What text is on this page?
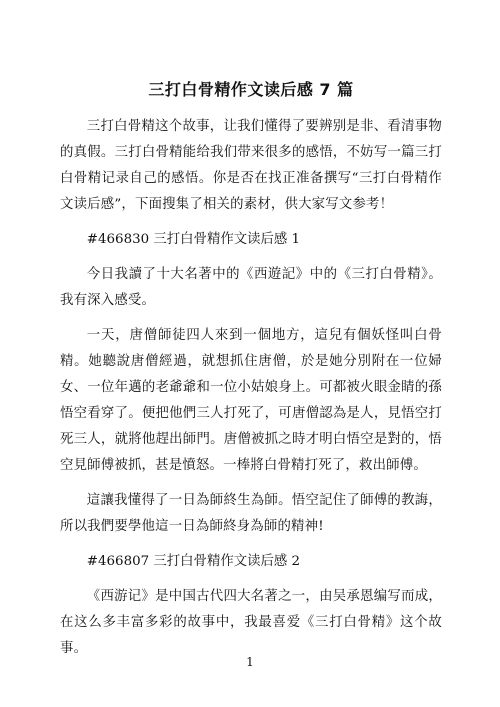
三打白骨精作文读后感 7 篇

三打白骨精这个故事，让我们懂得了要辨别是非、看清事物的真假。三打白骨精能给我们带来很多的感悟，不妨写一篇三打白骨精记录自己的感悟。你是否在找正准备撰写“三打白骨精作文读后感”，下面搜集了相关的素材，供大家写文参考！

#466830 三打白骨精作文读后感 1

今日我讀了十大名著中的《西遊記》中的《三打白骨精》。我有深入感受。

一天，唐僧師徒四人來到一個地方，這兒有個妖怪叫白骨精。她聽說唐僧經過，就想抓住唐僧，於是她分別附在一位婦女、一位年邁的老爺爺和一位小姑娘身上。可都被火眼金睛的孫悟空看穿了。便把他們三人打死了，可唐僧認為是人，見悟空打死三人，就將他趕出師門。唐僧被抓之時才明白悟空是對的，悟空見師傅被抓，甚是憤怒。一棒將白骨精打死了，救出師傅。

這讓我懂得了一日為師終生為師。悟空記住了師傅的教誨，所以我們要學他這一日為師終身為師的精神!

#466807 三打白骨精作文读后感 2

《西游记》是中国古代四大名著之一，由吴承恩编写而成，在这么多丰富多彩的故事中，我最喜爱《三打白骨精》这个故事。

1
